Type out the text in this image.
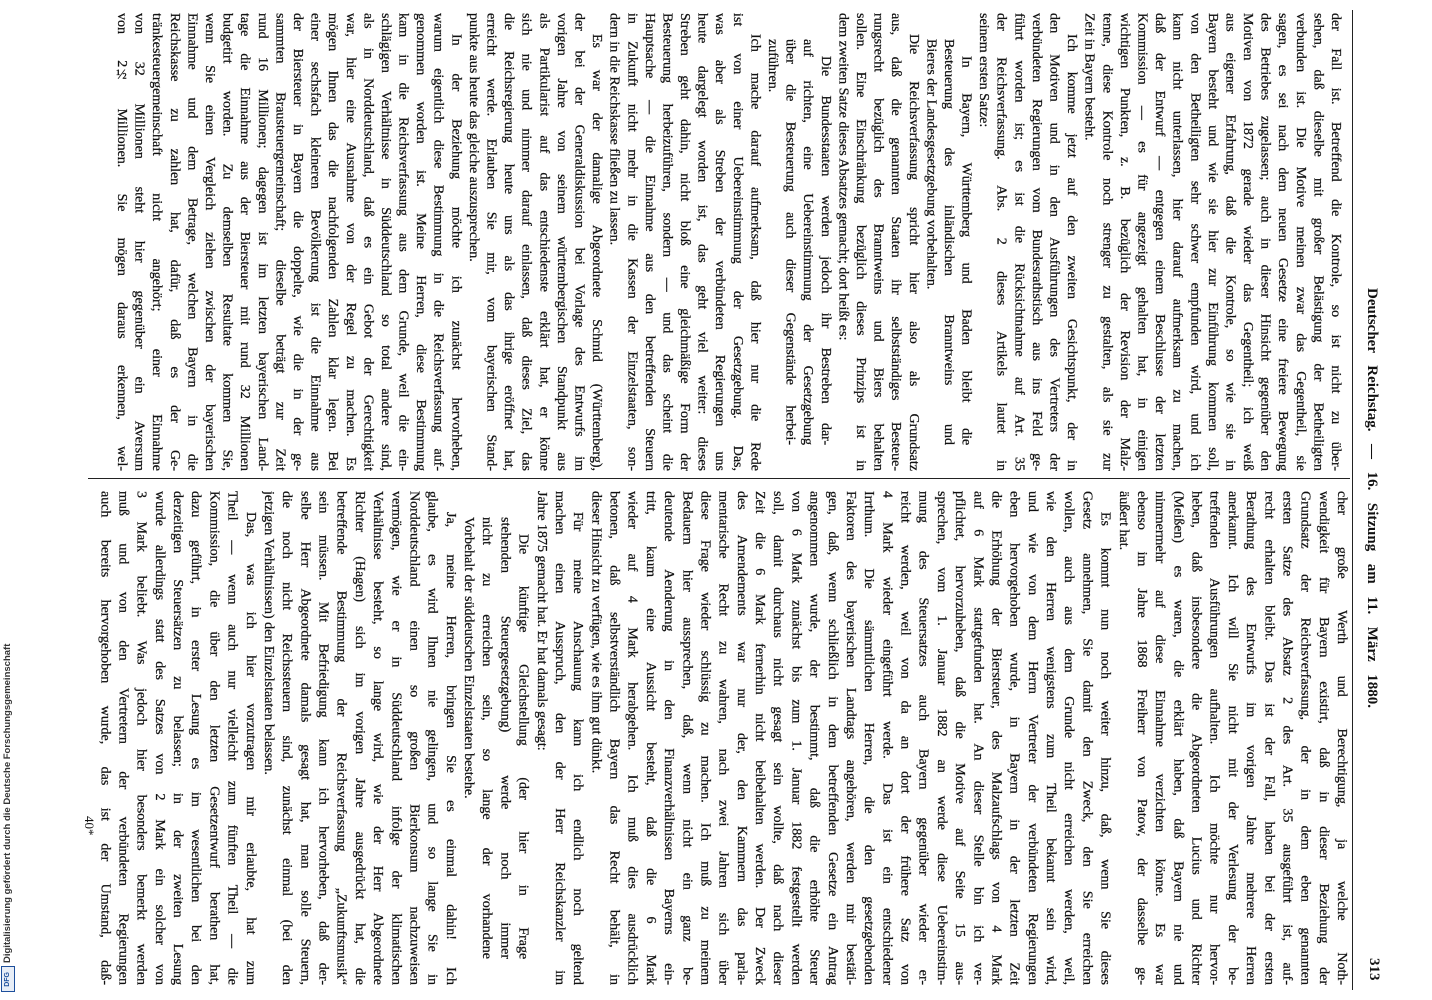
Deutscher Reichstag. — 16. Sitzung am 11. März 1880.
313
der Fall ist. Betreffend die Kontrole, so ist nicht zu über-
sehen, daß dieselbe mit großer Belästigung der Betheiligten
verbunden ist. Die Motive meinen zwar das Gegentheil, sie
sagen, es sei nach dem neuen Gesetze eine freiere Bewegung
des Betriebes zugelassen; auch in dieser Hinsicht gegenüber den
Motiven von 1872 gerade wieder das Gegentheil; ich weiß
aus eigener Erfahrung, daß die Kontrole, so wie sie in
Bayern besteht und wie sie hier zur Einführung kommen soll,
von den Betheiligten sehr schwer empfunden wird, und ich
kann nicht unterlassen, hier darauf aufmerksam zu machen,
daß der Entwurf — entgegen einem Beschlusse der letzten
Kommission — es für angezeigt gehalten hat, in einigen
wichtigen Punkten, z. B. bezüglich der Revision der Malz-
tenne, diese Kontrole noch strenger zu gestalten, als sie zur
Zeit in Bayern besteht.
Ich komme jetzt auf den zweiten Gesichtspunkt, der in
den Motiven und in den Ausführungen des Vertreters der
verbündeten Regierungen vom Bundesrathstisch aus ins Feld ge-
führt worden ist; es ist die Rücksichtnahme auf Art. 35
der Reichsverfassung. Abs. 2 dieses Artikels lautet in
seinem ersten Satze:
In Bayern, Württemberg und Baden bleibt die
Besteuerung des inländischen Branntweins und
Bieres der Landesgesetzgebung vorbehalten.
Die Reichsverfassung spricht hier also als Grundsatz
aus, daß die genannten Staaten ihr selbstständiges Besteue-
rungsrecht bezüglich des Branntweins und Biers behalten
sollen. Eine Einschränkung bezüglich dieses Prinzips ist in
dem zweiten Satze dieses Absatzes gemacht; dort heißt es:
Die Bundesstaaten werden jedoch ihr Bestreben dar-
auf richten, eine Uebereinstimmung der Gesetzgebung
über die Besteuerung auch dieser Gegenstände herbei-
zuführen.
Ich mache darauf aufmerksam, daß hier nur die Rede
ist von einer Uebereinstimmung der Gesetzgebung. Das,
was aber als Streben der verbündeten Regierungen uns
heute dargelegt worden ist, das geht viel weiter: dieses
Streben geht dahin, nicht bloß eine gleichmäßige Form der
Besteuerung herbeizuführen, sondern — und das scheint die
Hauptsache — die Einnahme aus den betreffenden Steuern
in Zukunft nicht mehr in die Kassen der Einzelstaaten, son-
dern in die Reichskasse fließen zu lassen.
Es war der damalige Abgeordnete Schmid (Württemberg),
der bei der Generaldiskussion bei Vorlage des Entwurfs im
vorigen Jahre von seinem württembergischen Standpunkt aus
als Partikularist auf das entschiedenste erklärt hat, er könne
sich nie und nimmer darauf einlassen, daß dieses Ziel, das
die Reichsregierung heute uns als das ihrige eröffnet hat,
erreicht werde. Erlauben Sie mir, vom bayerischen Stand-
punkte aus heute das gleiche auszusprechen.
In der Beziehung möchte ich zunächst hervorheben,
warum eigentlich diese Bestimmung in die Reichsverfassung auf-
genommen worden ist. Meine Herren, diese Bestimmung
kam in die Reichsverfassung aus dem Grunde, weil die ein-
schlägigen Verhältnisse in Süddeutschland so total andere sind,
als in Norddeutschland, daß es ein Gebot der Gerechtigkeit
war, hier eine Ausnahme von der Regel zu machen. Es
mögen Ihnen das die nachfolgenden Zahlen klar legen. Bei
einer sechsfach kleineren Bevölkerung ist die Einnahme aus
der Biersteuer in Bayern die doppelte, wie die in der ge-
sammten Brausteuergemeinschaft; dieselbe beträgt zur Zeit
rund 16 Millionen; dagegen ist im letzten bayerischen Land-
tage die Einnahme aus der Biersteuer mit rund 32 Millionen
budgetirt worden. Zu demselben Resultate kommen Sie,
wenn Sie einen Vergleich ziehen zwischen der bayerischen
Einnahme und dem Betrage, welchen Bayern in die
Reichskasse zu zahlen hat, dafür, daß es der Ge-
tränkesteuergemeinschaft nicht angehört; einer Einnahme
von 32 Millionen steht hier gegenüber ein Aversum
von 2½ Millionen. Sie mögen daraus erkennen, wel-
cher große Werth und Berechtigung, ja welche Noth-
wendigkeit für Bayern existirt, daß in dieser Beziehung der
Grundsatz der Reichsverfassung, der in dem eben genannten
ersten Satze des Absatz 2 des Art. 35 ausgeführt ist, auf-
recht erhalten bleibt. Das ist der Fall, haben bei der ersten
Berathung des Entwurfs im vorigen Jahre mehrere Herren
anerkannt. Ich will Sie nicht mit der Verlesung der be-
treffenden Ausführungen aufhalten. Ich möchte nur hervor-
heben, daß insbesondere die Abgeordneten Lucius und Richter
(Meißen) es waren, die erklärt haben, daß Bayern nie und
nimmermehr auf diese Einnahme verzichten könne. Es war
ebenso im Jahre 1868 Freiherr von Patow, der dasselbe ge-
äußert hat.
Es kommt nun noch weiter hinzu, daß, wenn Sie dieses
Gesetz annehmen, Sie damit den Zweck, den Sie erreichen
wollen, auch aus dem Grunde nicht erreichen werden, weil,
wie den Herren wenigstens zum Theil bekannt sein wird,
und wie von dem Herrn Vertreter der verbündeten Regierungen
eben hervorgehoben wurde, in Bayern in der letzten Zeit
die Erhöhung der Biersteuer, des Malzaufschlags von 4 Mark
auf 6 Mark stattgefunden hat. An dieser Stelle bin ich ver-
pflichtet, hervorzuheben, daß die Motive auf Seite 15 aus-
sprechen, vom 1. Januar 1882 an werde diese Uebereinstim-
mung des Steuersatzes auch Bayern gegenüber wieder er-
reicht werden, weil von da an dort der frühere Satz von
4 Mark wieder eingeführt werde. Das ist ein entschiedener
Irrthum. Die sämmtlichen Herren, die den gesetzgebenden
Faktoren des bayerischen Landtags angehören, werden mir bestäti-
gen, daß, wenn schließlich in dem betreffenden Gesetze ein Antrag
angenommen wurde, der bestimmt, daß die erhöhte Steuer
von 6 Mark zunächst bis zum 1. Januar 1882 festgestellt werden
soll, damit durchaus nicht gesagt sein wollte, daß nach dieser
Zeit die 6 Mark fernerhin nicht beibehalten werden. Der Zweck
des Amendements war nur der, den Kammern das parla-
mentarische Recht zu wahren, nach zwei Jahren sich über
diese Frage wieder schlüssig zu machen. Ich muß zu meinem
Bedauern hier aussprechen, daß, wenn nicht ein ganz be-
deutende Aenderung in den Finanzverhältnissen Bayerns ein-
tritt, kaum eine Aussicht besteht, daß die 6 Mark
wieder auf 4 Mark herabgehen. Ich muß dies ausdrücklich
betonen, daß selbstverständlich Bayern das Recht behält, in
dieser Hinsicht zu verfügen, wie es ihm gut dünkt.
Für meine Anschauung kann ich endlich noch geltend
machen einen Ausspruch, den der Herr Reichskanzler im
Jahre 1875 gemacht hat. Er hat damals gesagt:
Die künftige Gleichstellung (der hier in Frage
stehenden Steuergesetzgebung) werde noch immer
nicht zu erreichen sein, so lange der vorhandene
Vorbehalt der süddeutschen Einzelstaaten bestehe.
Ja, meine Herren, bringen Sie es einmal dahin! Ich
glaube, es wird Ihnen nie gelingen, und so lange Sie in
Norddeutschland einen so großen Bierkonsum nachzuweisen
vermögen, wie er in Süddeutschland infolge der klimatischen
Verhältnisse besteht, so lange wird, wie der Herr Abgeordnete
Richter (Hagen) sich im vorigen Jahre ausgedrückt hat, die
betreffende Bestimmung der Reichsverfassung „Zukunftsmusik“
sein müssen. Mit Befriedigung kann ich hervorheben, daß der-
selbe Herr Abgeordnete damals gesagt hat, man solle Steuern,
die noch nicht Reichssteuern sind, zunächst einmal (bei den
jetzigen Verhältnissen) den Einzelstaaten belassen.
Das, was ich hier vorzutragen mir erlaubte, hat zum
Theil — wenn auch nur vielleicht zum fünften Theil — die
Kommission, die über den letzten Gesetzentwurf berathen hat,
dazu geführt, in erster Lesung es im wesentlichen bei den
derzeitigen Steuersätzen zu belassen; in der zweiten Lesung
wurde allerdings statt des Satzes von 2 Mark ein solcher von
3 Mark beliebt. Was jedoch hier besonders bemerkt werden
muß und von den Vertretern der verbündeten Regierungen
auch bereits hervorgehoben wurde, das ist der Umstand, daß-
40*
Digitalisierung gefördert durch die Deutsche Forschungsgemeinschaft
DFG
